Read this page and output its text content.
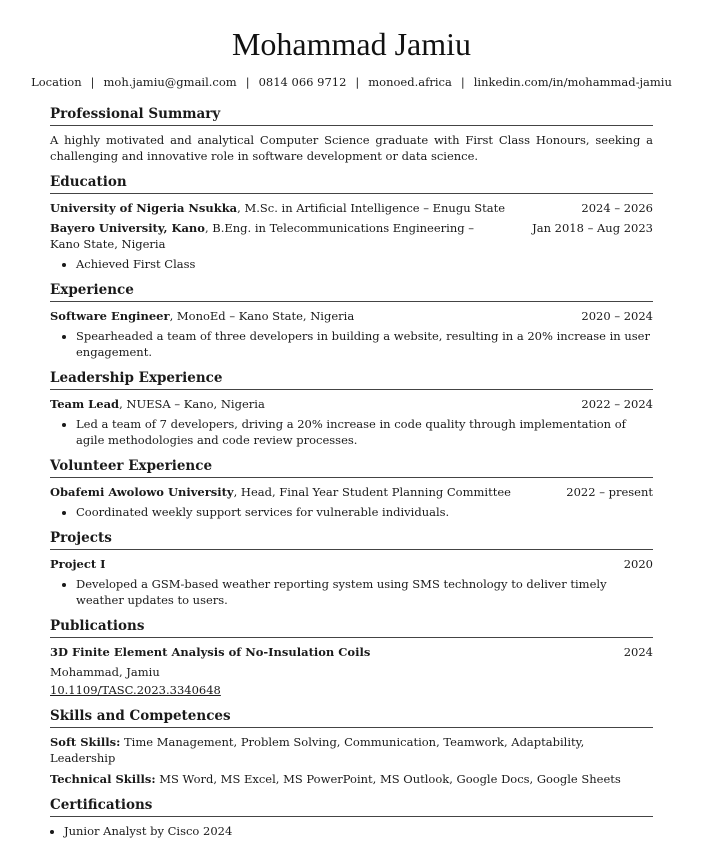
Mohammad Jamiu
Location | moh.jamiu@gmail.com | 0814 066 9712 | monoed.africa | linkedin.com/in/mohammad-jamiu
Professional Summary

A highly motivated and analytical Computer Science graduate with First Class Honours, seeking a challenging and innovative role in software development or data science.

Education
University of Nigeria Nsukka, M.Sc. in Artificial Intelligence – Enugu State	2024 – 2026
Bayero University, Kano, B.Eng. in Telecommunications Engineering – Kano State, Nigeria
Jan 2018 – Aug 2023
• Achieved First Class
Experience
Software Engineer, MonoEd – Kano State, Nigeria	2020 – 2024
• Spearheaded a team of three developers in building a website, resulting in a 20% increase in user engagement.
Leadership Experience
Team Lead, NUESA – Kano, Nigeria	2022 – 2024
• Led a team of 7 developers, driving a 20% increase in code quality through implementation of agile methodologies and code review processes.
Volunteer Experience
Obafemi Awolowo University, Head, Final Year Student Planning Committee	2022 – present
• Coordinated weekly support services for vulnerable individuals.
Projects
Project I	2020
• Developed a GSM-based weather reporting system using SMS technology to deliver timely weather updates to users.
Publications
3D Finite Element Analysis of No-Insulation Coils	2024
Mohammad, Jamiu
10.1109/TASC.2023.3340648
Skills and Competences
Soft Skills: Time Management, Problem Solving, Communication, Teamwork, Adaptability, Leadership
Technical Skills: MS Word, MS Excel, MS PowerPoint, MS Outlook, Google Docs, Google Sheets
Certifications
• Junior Analyst by Cisco 2024
